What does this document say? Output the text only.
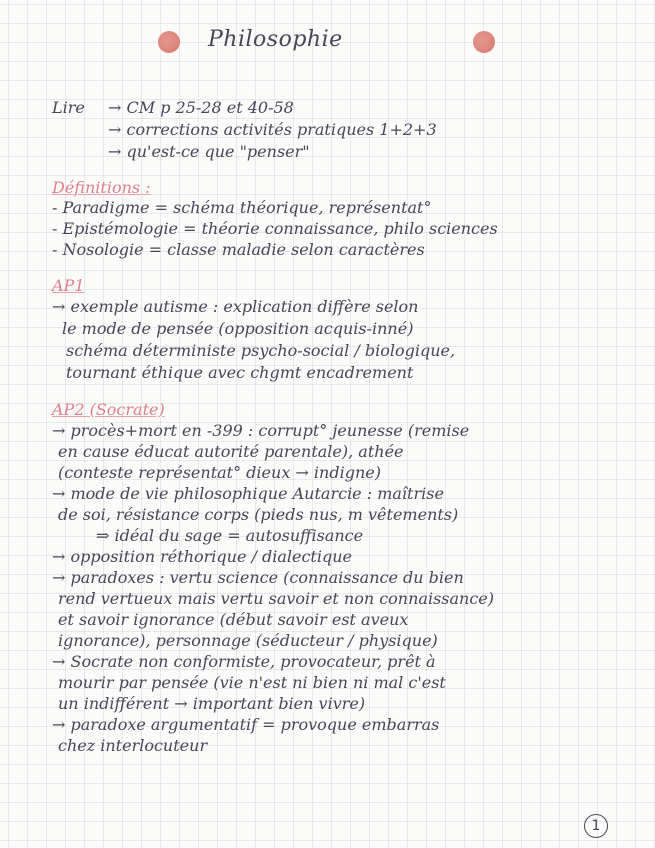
Philosophie
Lire → CM p 25-28 et 40-58
→ corrections activités pratiques 1+2+3
→ qu'est-ce que "penser"
Définitions :
- Paradigme = schéma théorique, représentat°
- Epistémologie = théorie connaissance, philo sciences
- Nosologie = classe maladie selon caractères
AP1
→ exemple autisme : explication diffère selon
le mode de pensée (opposition acquis-inné)
schéma déterministe psycho-social / biologique,
tournant éthique avec chgmt encadrement
AP2 (Socrate)
→ procès+mort en -399 : corrupt° jeunesse (remise
en cause éducat autorité parentale), athée
(conteste représentat° dieux → indigne)
→ mode de vie philosophique Autarcie : maîtrise
de soi, résistance corps (pieds nus, m vêtements)
⇒ idéal du sage = autosuffisance
→ opposition réthorique / dialectique
→ paradoxes : vertu science (connaissance du bien
rend vertueux mais vertu savoir et non connaissance)
et savoir ignorance (début savoir est aveux
ignorance), personnage (séducteur / physique)
→ Socrate non conformiste, provocateur, prêt à
mourir par pensée (vie n'est ni bien ni mal c'est
un indifférent → important bien vivre)
→ paradoxe argumentatif = provoque embarras
chez interlocuteur
1
